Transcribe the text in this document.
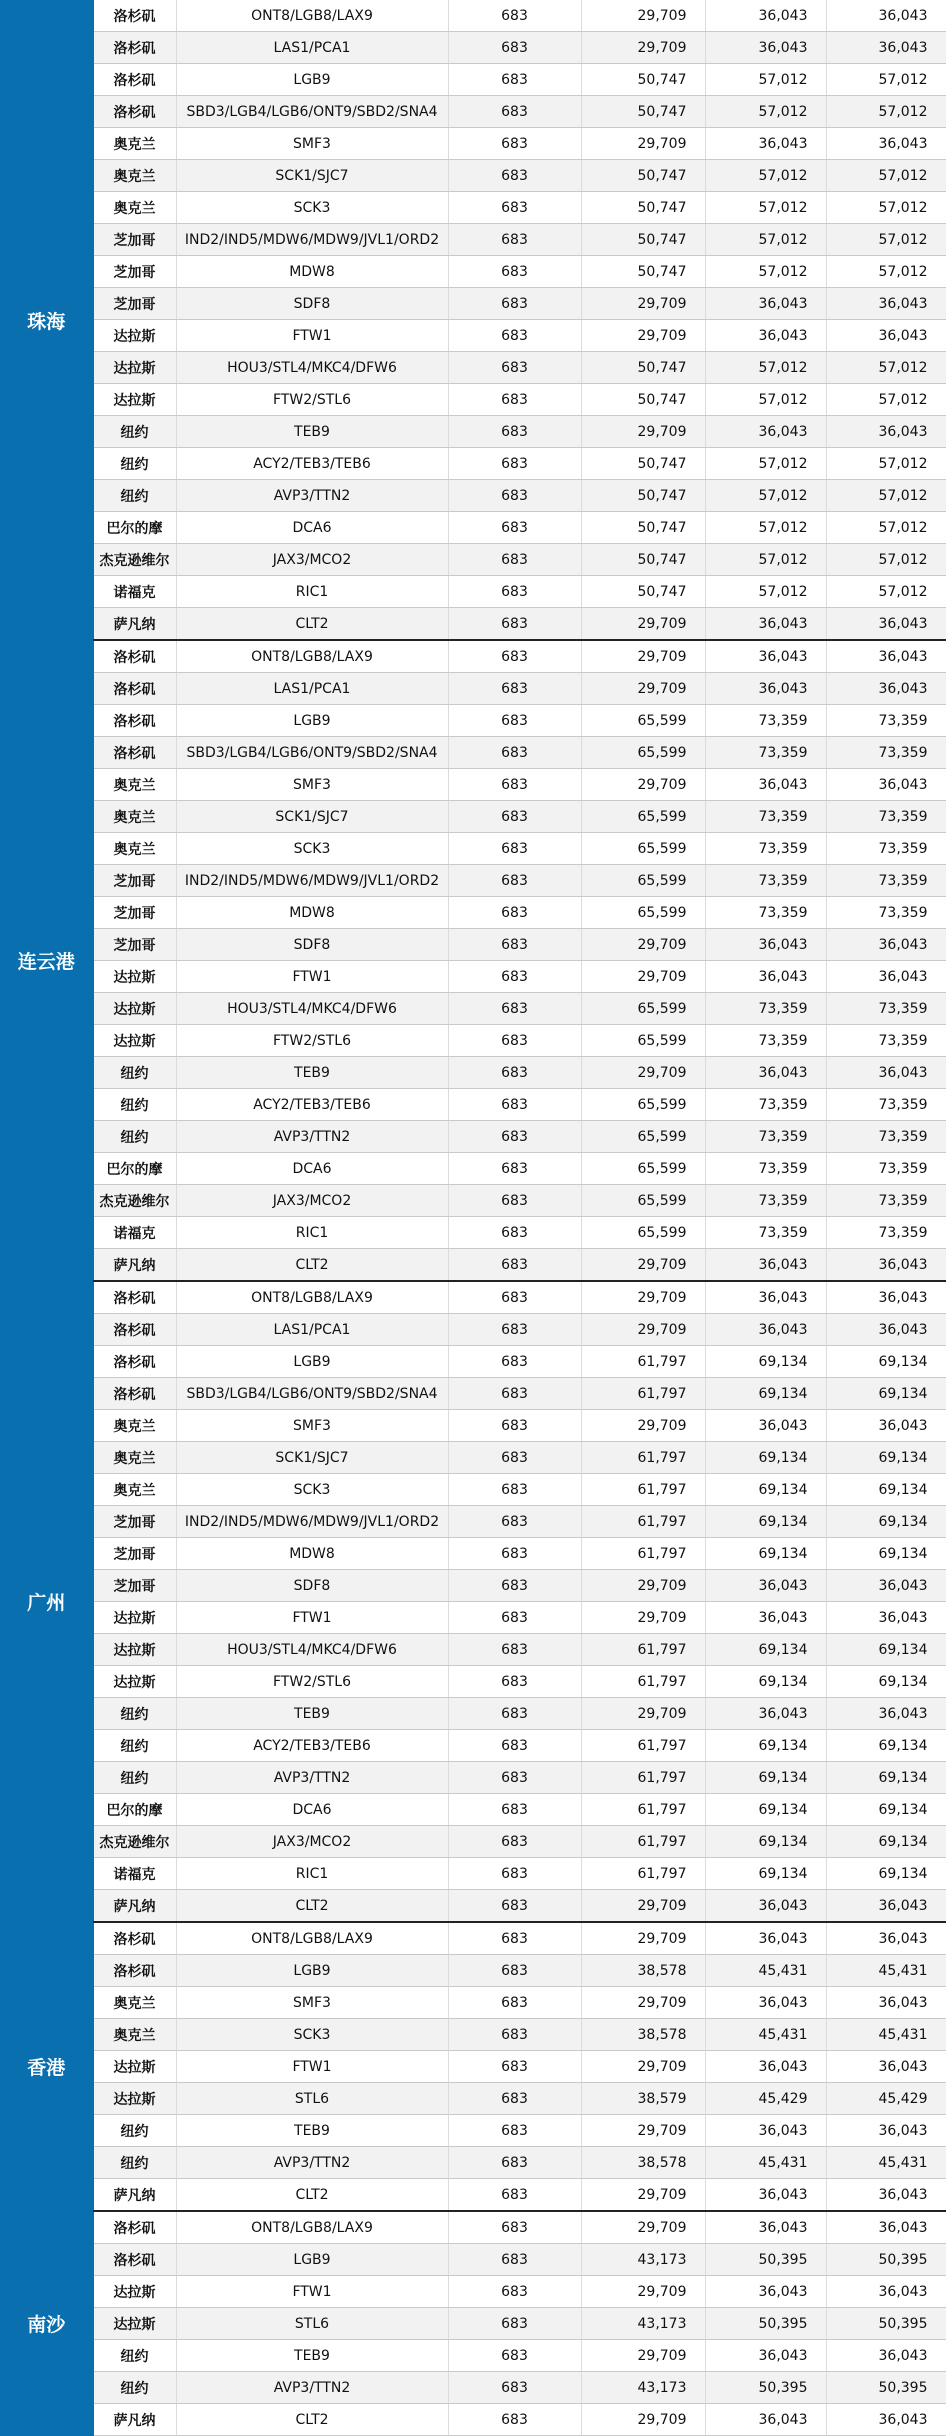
珠海	洛杉矶	ONT8/LGB8/LAX9	683	29,709	36,043	36,043
	洛杉矶	LAS1/PCA1	683	29,709	36,043	36,043
	洛杉矶	LGB9	683	50,747	57,012	57,012
	洛杉矶	SBD3/LGB4/LGB6/ONT9/SBD2/SNA4	683	50,747	57,012	57,012
	奥克兰	SMF3	683	29,709	36,043	36,043
	奥克兰	SCK1/SJC7	683	50,747	57,012	57,012
	奥克兰	SCK3	683	50,747	57,012	57,012
	芝加哥	IND2/IND5/MDW6/MDW9/JVL1/ORD2	683	50,747	57,012	57,012
	芝加哥	MDW8	683	50,747	57,012	57,012
	芝加哥	SDF8	683	29,709	36,043	36,043
	达拉斯	FTW1	683	29,709	36,043	36,043
	达拉斯	HOU3/STL4/MKC4/DFW6	683	50,747	57,012	57,012
	达拉斯	FTW2/STL6	683	50,747	57,012	57,012
	纽约	TEB9	683	29,709	36,043	36,043
	纽约	ACY2/TEB3/TEB6	683	50,747	57,012	57,012
	纽约	AVP3/TTN2	683	50,747	57,012	57,012
	巴尔的摩	DCA6	683	50,747	57,012	57,012
	杰克逊维尔	JAX3/MCO2	683	50,747	57,012	57,012
	诺福克	RIC1	683	50,747	57,012	57,012
	萨凡纳	CLT2	683	29,709	36,043	36,043
连云港	洛杉矶	ONT8/LGB8/LAX9	683	29,709	36,043	36,043
	洛杉矶	LAS1/PCA1	683	29,709	36,043	36,043
	洛杉矶	LGB9	683	65,599	73,359	73,359
	洛杉矶	SBD3/LGB4/LGB6/ONT9/SBD2/SNA4	683	65,599	73,359	73,359
	奥克兰	SMF3	683	29,709	36,043	36,043
	奥克兰	SCK1/SJC7	683	65,599	73,359	73,359
	奥克兰	SCK3	683	65,599	73,359	73,359
	芝加哥	IND2/IND5/MDW6/MDW9/JVL1/ORD2	683	65,599	73,359	73,359
	芝加哥	MDW8	683	65,599	73,359	73,359
	芝加哥	SDF8	683	29,709	36,043	36,043
	达拉斯	FTW1	683	29,709	36,043	36,043
	达拉斯	HOU3/STL4/MKC4/DFW6	683	65,599	73,359	73,359
	达拉斯	FTW2/STL6	683	65,599	73,359	73,359
	纽约	TEB9	683	29,709	36,043	36,043
	纽约	ACY2/TEB3/TEB6	683	65,599	73,359	73,359
	纽约	AVP3/TTN2	683	65,599	73,359	73,359
	巴尔的摩	DCA6	683	65,599	73,359	73,359
	杰克逊维尔	JAX3/MCO2	683	65,599	73,359	73,359
	诺福克	RIC1	683	65,599	73,359	73,359
	萨凡纳	CLT2	683	29,709	36,043	36,043
广州	洛杉矶	ONT8/LGB8/LAX9	683	29,709	36,043	36,043
	洛杉矶	LAS1/PCA1	683	29,709	36,043	36,043
	洛杉矶	LGB9	683	61,797	69,134	69,134
	洛杉矶	SBD3/LGB4/LGB6/ONT9/SBD2/SNA4	683	61,797	69,134	69,134
	奥克兰	SMF3	683	29,709	36,043	36,043
	奥克兰	SCK1/SJC7	683	61,797	69,134	69,134
	奥克兰	SCK3	683	61,797	69,134	69,134
	芝加哥	IND2/IND5/MDW6/MDW9/JVL1/ORD2	683	61,797	69,134	69,134
	芝加哥	MDW8	683	61,797	69,134	69,134
	芝加哥	SDF8	683	29,709	36,043	36,043
	达拉斯	FTW1	683	29,709	36,043	36,043
	达拉斯	HOU3/STL4/MKC4/DFW6	683	61,797	69,134	69,134
	达拉斯	FTW2/STL6	683	61,797	69,134	69,134
	纽约	TEB9	683	29,709	36,043	36,043
	纽约	ACY2/TEB3/TEB6	683	61,797	69,134	69,134
	纽约	AVP3/TTN2	683	61,797	69,134	69,134
	巴尔的摩	DCA6	683	61,797	69,134	69,134
	杰克逊维尔	JAX3/MCO2	683	61,797	69,134	69,134
	诺福克	RIC1	683	61,797	69,134	69,134
	萨凡纳	CLT2	683	29,709	36,043	36,043
香港	洛杉矶	ONT8/LGB8/LAX9	683	29,709	36,043	36,043
	洛杉矶	LGB9	683	38,578	45,431	45,431
	奥克兰	SMF3	683	29,709	36,043	36,043
	奥克兰	SCK3	683	38,578	45,431	45,431
	达拉斯	FTW1	683	29,709	36,043	36,043
	达拉斯	STL6	683	38,579	45,429	45,429
	纽约	TEB9	683	29,709	36,043	36,043
	纽约	AVP3/TTN2	683	38,578	45,431	45,431
	萨凡纳	CLT2	683	29,709	36,043	36,043
南沙	洛杉矶	ONT8/LGB8/LAX9	683	29,709	36,043	36,043
	洛杉矶	LGB9	683	43,173	50,395	50,395
	达拉斯	FTW1	683	29,709	36,043	36,043
	达拉斯	STL6	683	43,173	50,395	50,395
	纽约	TEB9	683	29,709	36,043	36,043
	纽约	AVP3/TTN2	683	43,173	50,395	50,395
	萨凡纳	CLT2	683	29,709	36,043	36,043
